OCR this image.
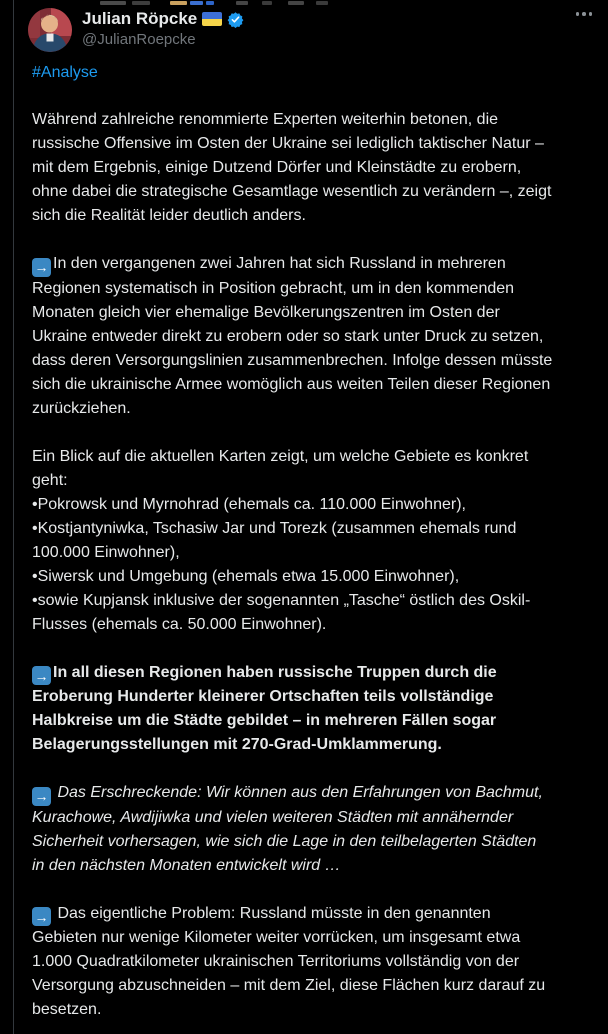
Julian Röpcke
@JulianRoepcke
#Analyse

Während zahlreiche renommierte Experten weiterhin betonen, die
russische Offensive im Osten der Ukraine sei lediglich taktischer Natur –
mit dem Ergebnis, einige Dutzend Dörfer und Kleinstädte zu erobern,
ohne dabei die strategische Gesamtlage wesentlich zu verändern –, zeigt
sich die Realität leider deutlich anders.

→ In den vergangenen zwei Jahren hat sich Russland in mehreren
Regionen systematisch in Position gebracht, um in den kommenden
Monaten gleich vier ehemalige Bevölkerungszentren im Osten der
Ukraine entweder direkt zu erobern oder so stark unter Druck zu setzen,
dass deren Versorgungslinien zusammenbrechen. Infolge dessen müsste
sich die ukrainische Armee womöglich aus weiten Teilen dieser Regionen
zurückziehen.

Ein Blick auf die aktuellen Karten zeigt, um welche Gebiete es konkret
geht:
•Pokrowsk und Myrnohrad (ehemals ca. 110.000 Einwohner),
•Kostjantyniwka, Tschasiw Jar und Torezk (zusammen ehemals rund
100.000 Einwohner),
•Siwersk und Umgebung (ehemals etwa 15.000 Einwohner),
•sowie Kupjansk inklusive der sogenannten „Tasche“ östlich des Oskil-
Flusses (ehemals ca. 50.000 Einwohner).

→ In all diesen Regionen haben russische Truppen durch die
Eroberung Hunderter kleinerer Ortschaften teils vollständige
Halbkreise um die Städte gebildet – in mehreren Fällen sogar
Belagerungsstellungen mit 270-Grad-Umklammerung.

→ Das Erschreckende: Wir können aus den Erfahrungen von Bachmut,
Kurachowe, Awdijiwka und vielen weiteren Städten mit annähernder
Sicherheit vorhersagen, wie sich die Lage in den teilbelagerten Städten
in den nächsten Monaten entwickelt wird …

→ Das eigentliche Problem: Russland müsste in den genannten
Gebieten nur wenige Kilometer weiter vorrücken, um insgesamt etwa
1.000 Quadratkilometer ukrainischen Territoriums vollständig von der
Versorgung abzuschneiden – mit dem Ziel, diese Flächen kurz darauf zu
besetzen.
